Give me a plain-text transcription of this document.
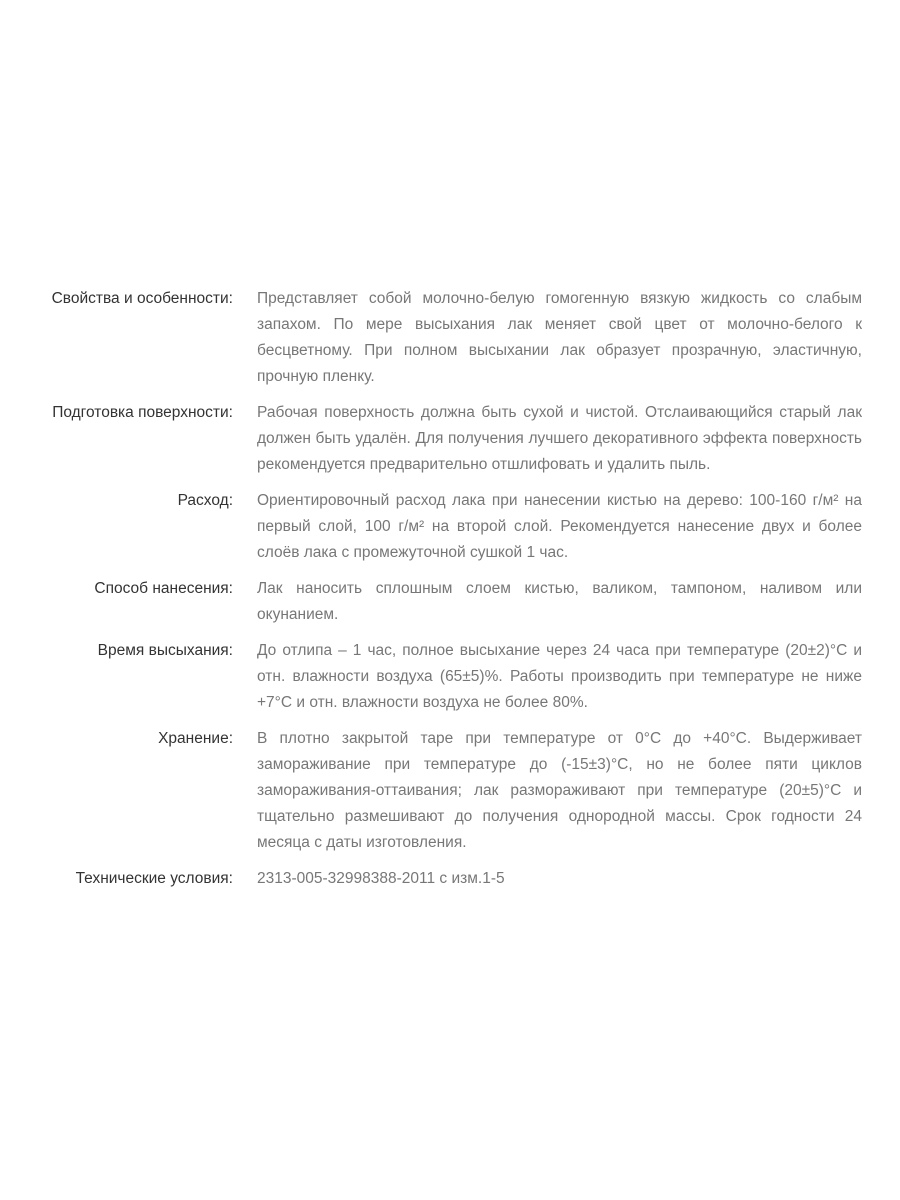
Свойства и особенности: Представляет собой молочно-белую гомогенную вязкую жидкость со слабым запахом. По мере высыхания лак меняет свой цвет от молочно-белого к бесцветному. При полном высыхании лак образует прозрачную, эластичную, прочную пленку.
Подготовка поверхности: Рабочая поверхность должна быть сухой и чистой. Отслаивающийся старый лак должен быть удалён. Для получения лучшего декоративного эффекта поверхность рекомендуется предварительно отшлифовать и удалить пыль.
Расход: Ориентировочный расход лака при нанесении кистью на дерево: 100-160 г/м² на первый слой, 100 г/м² на второй слой. Рекомендуется нанесение двух и более слоёв лака с промежуточной сушкой 1 час.
Способ нанесения: Лак наносить сплошным слоем кистью, валиком, тампоном, наливом или окунанием.
Время высыхания: До отлипа – 1 час, полное высыхание через 24 часа при температуре (20±2)°С и отн. влажности воздуха (65±5)%. Работы производить при температуре не ниже +7°С и отн. влажности воздуха не более 80%.
Хранение: В плотно закрытой таре при температуре от 0°С до +40°С. Выдерживает замораживание при температуре до (-15±3)°С, но не более пяти циклов замораживания-оттаивания; лак размораживают при температуре (20±5)°С и тщательно размешивают до получения однородной массы. Срок годности 24 месяца с даты изготовления.
Технические условия: 2313-005-32998388-2011 с изм.1-5
